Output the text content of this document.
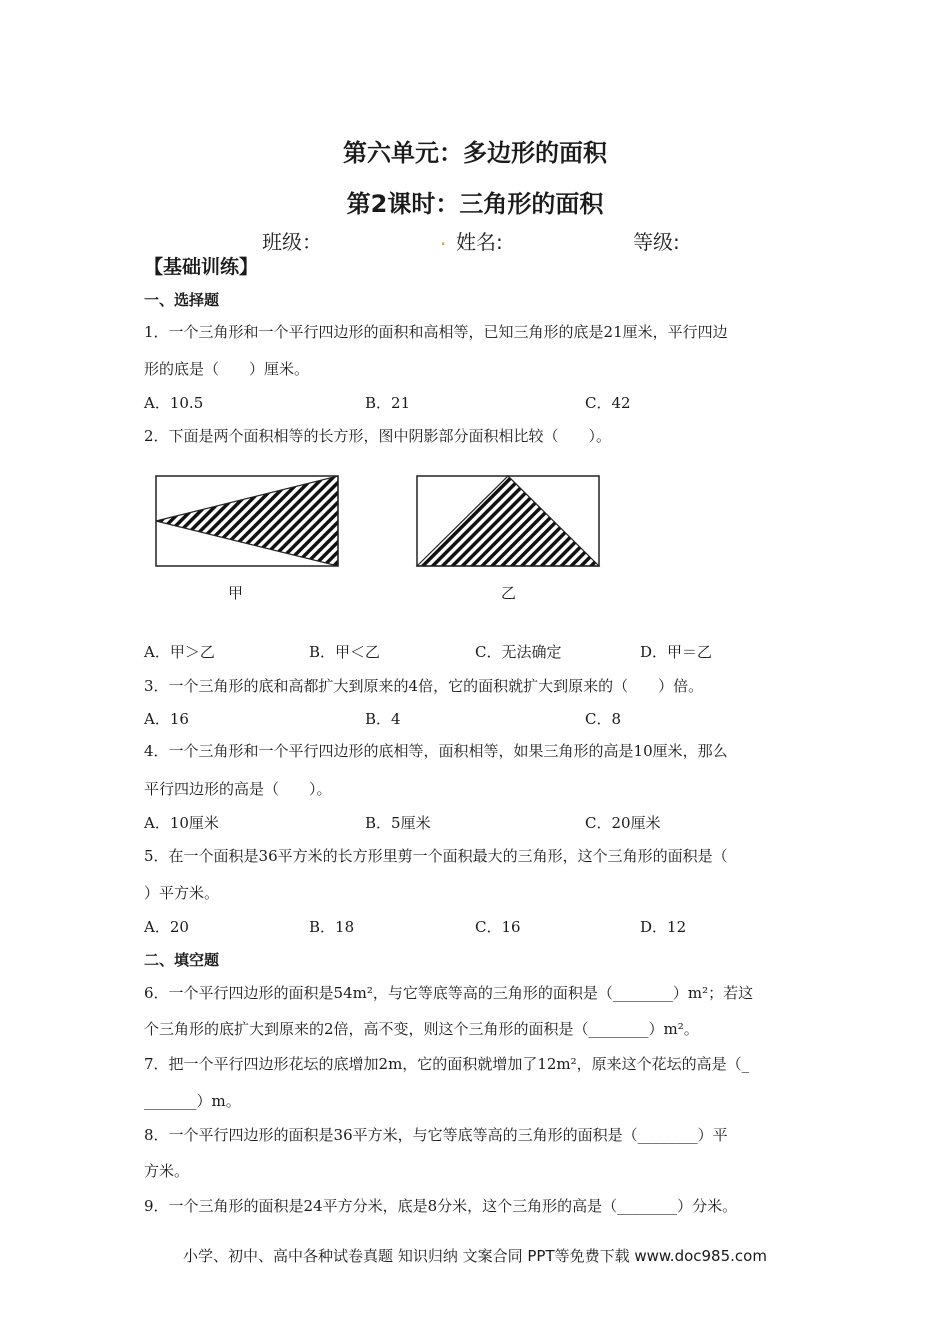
第六单元：多边形的面积
第2课时：三角形的面积
班级：	. 姓名:	等级:
【基础训练】
一、选择题
1．一个三角形和一个平行四边形的面积和高相等，已知三角形的底是21厘米，平行四边
形的底是（　　）厘米。
A．10.5	B．21	C．42
2．下面是两个面积相等的长方形，图中阴影部分面积相比较（　　）。
甲	乙
A．甲＞乙	B．甲＜乙	C．无法确定	D．甲＝乙
3．一个三角形的底和高都扩大到原来的4倍，它的面积就扩大到原来的（　　）倍。
A．16	B．4	C．8
4．一个三角形和一个平行四边形的底相等，面积相等，如果三角形的高是10厘米，那么
平行四边形的高是（　　）。
A．10厘米	B．5厘米	C．20厘米
5．在一个面积是36平方米的长方形里剪一个面积最大的三角形，这个三角形的面积是（
）平方米。
A．20	B．18	C．16	D．12
二、填空题
6．一个平行四边形的面积是54m²，与它等底等高的三角形的面积是（________）m²；若这
个三角形的底扩大到原来的2倍，高不变，则这个三角形的面积是（________）m²。
7．把一个平行四边形花坛的底增加2m，它的面积就增加了12m²，原来这个花坛的高是（_
_______）m。
8．一个平行四边形的面积是36平方米，与它等底等高的三角形的面积是（________）平
方米。
9．一个三角形的面积是24平方分米，底是8分米，这个三角形的高是（________）分米。
小学、初中、高中各种试卷真题 知识归纳 文案合同 PPT等免费下载 www.doc985.com
